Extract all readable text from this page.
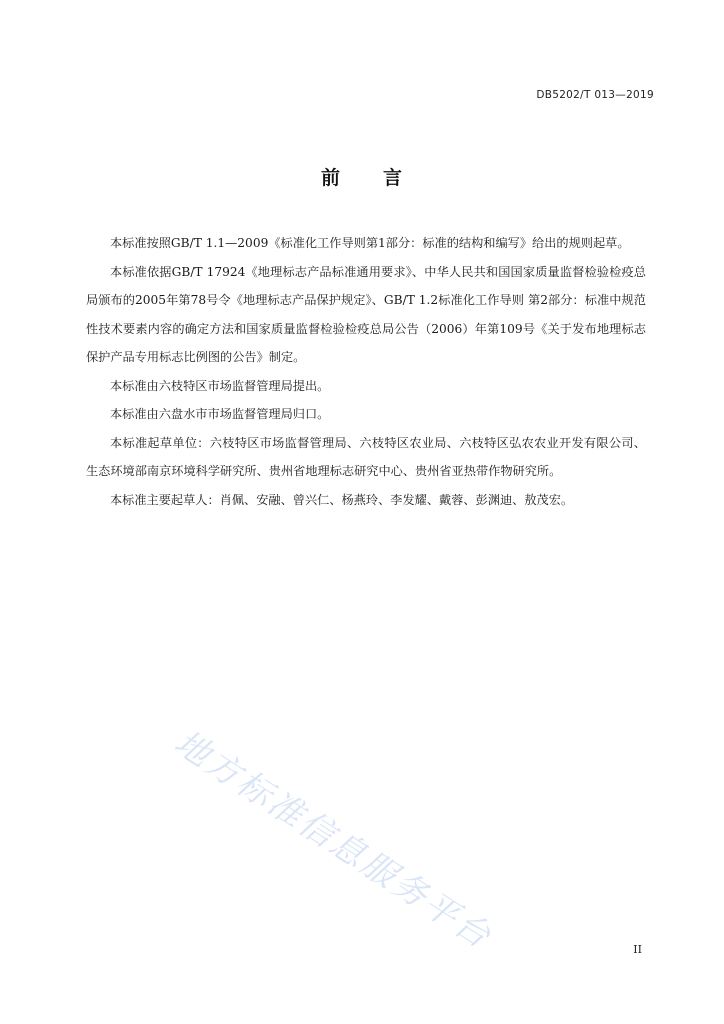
DB5202/T 013—2019
前 言

本标准按照GB/T 1.1—2009《标准化工作导则第1部分：标准的结构和编写》给出的规则起草。

本标准依据GB/T 17924《地理标志产品标准通用要求》、中华人民共和国国家质量监督检验检疫总局颁布的2005年第78号令《地理标志产品保护规定》、GB/T 1.2标准化工作导则 第2部分：标准中规范性技术要素内容的确定方法和国家质量监督检验检疫总局公告（2006）年第109号《关于发布地理标志保护产品专用标志比例图的公告》制定。

本标准由六枝特区市场监督管理局提出。

本标准由六盘水市市场监督管理局归口。

本标准起草单位：六枝特区市场监督管理局、六枝特区农业局、六枝特区弘农农业开发有限公司、生态环境部南京环境科学研究所、贵州省地理标志研究中心、贵州省亚热带作物研究所。

本标准主要起草人：肖佩、安融、曾兴仁、杨燕玲、李发耀、戴蓉、彭渊迪、敖茂宏。

地方标准信息服务平台	II
